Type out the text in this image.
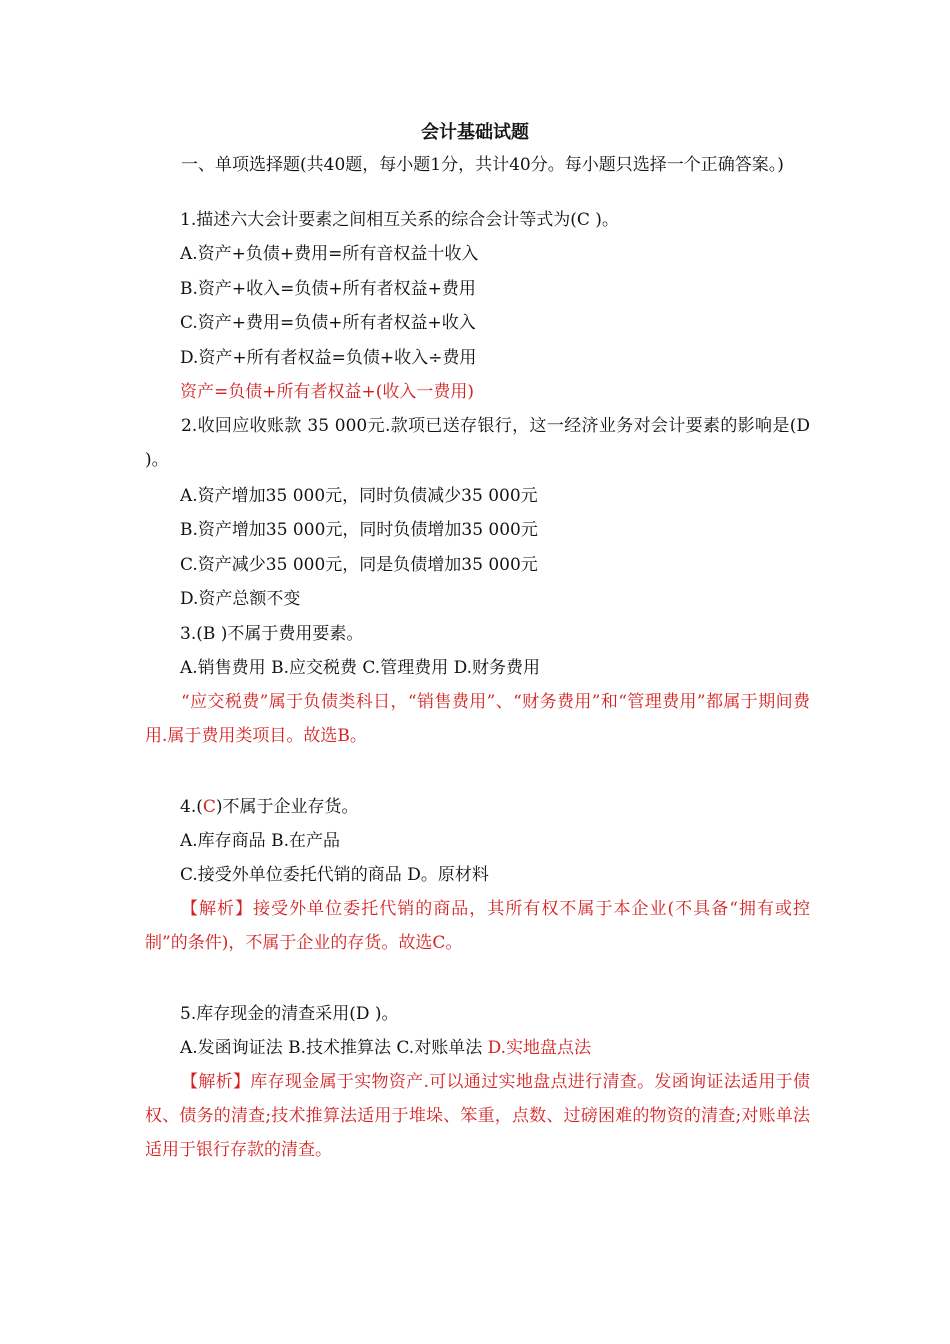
会计基础试题
一、单项选择题(共40题，每小题1分，共计40分。每小题只选择一个正确答案。)
1.描述六大会计要素之间相互关系的综合会计等式为(C )。
A.资产+负债+费用=所有音权益十收入
B.资产+收入=负债+所有者权益+费用
C.资产+费用=负债+所有者权益+收入
D.资产+所有者权益=负债+收入÷费用
资产=负债+所有者权益+(收入一费用)
2.收回应收账款 35 000元.款项已送存银行，这一经济业务对会计要素的影响是(D )。
A.资产增加35 000元，同时负债减少35 000元
B.资产增加35 000元，同时负债增加35 000元
C.资产减少35 000元，同是负债增加35 000元
D.资产总额不变
3.(B )不属于费用要素。
A.销售费用 B.应交税费 C.管理费用 D.财务费用
“应交税费”属于负债类科日，“销售费用”、“财务费用”和“管理费用”都属于期间费用.属于费用类项目。故选B。
4.(C)不属于企业存货。
A.库存商品 B.在产品
C.接受外单位委托代销的商品 D。原材料
【解析】接受外单位委托代销的商品，其所有权不属于本企业(不具备“拥有或控制”的条件)，不属于企业的存货。故选C。
5.库存现金的清查采用(D )。
A.发函询证法 B.技术推算法 C.对账单法 D.实地盘点法
【解析】库存现金属于实物资产.可以通过实地盘点进行清查。发函询证法适用于债权、债务的清查;技术推算法适用于堆垛、笨重，点数、过磅困难的物资的清查;对账单法适用于银行存款的清查。
